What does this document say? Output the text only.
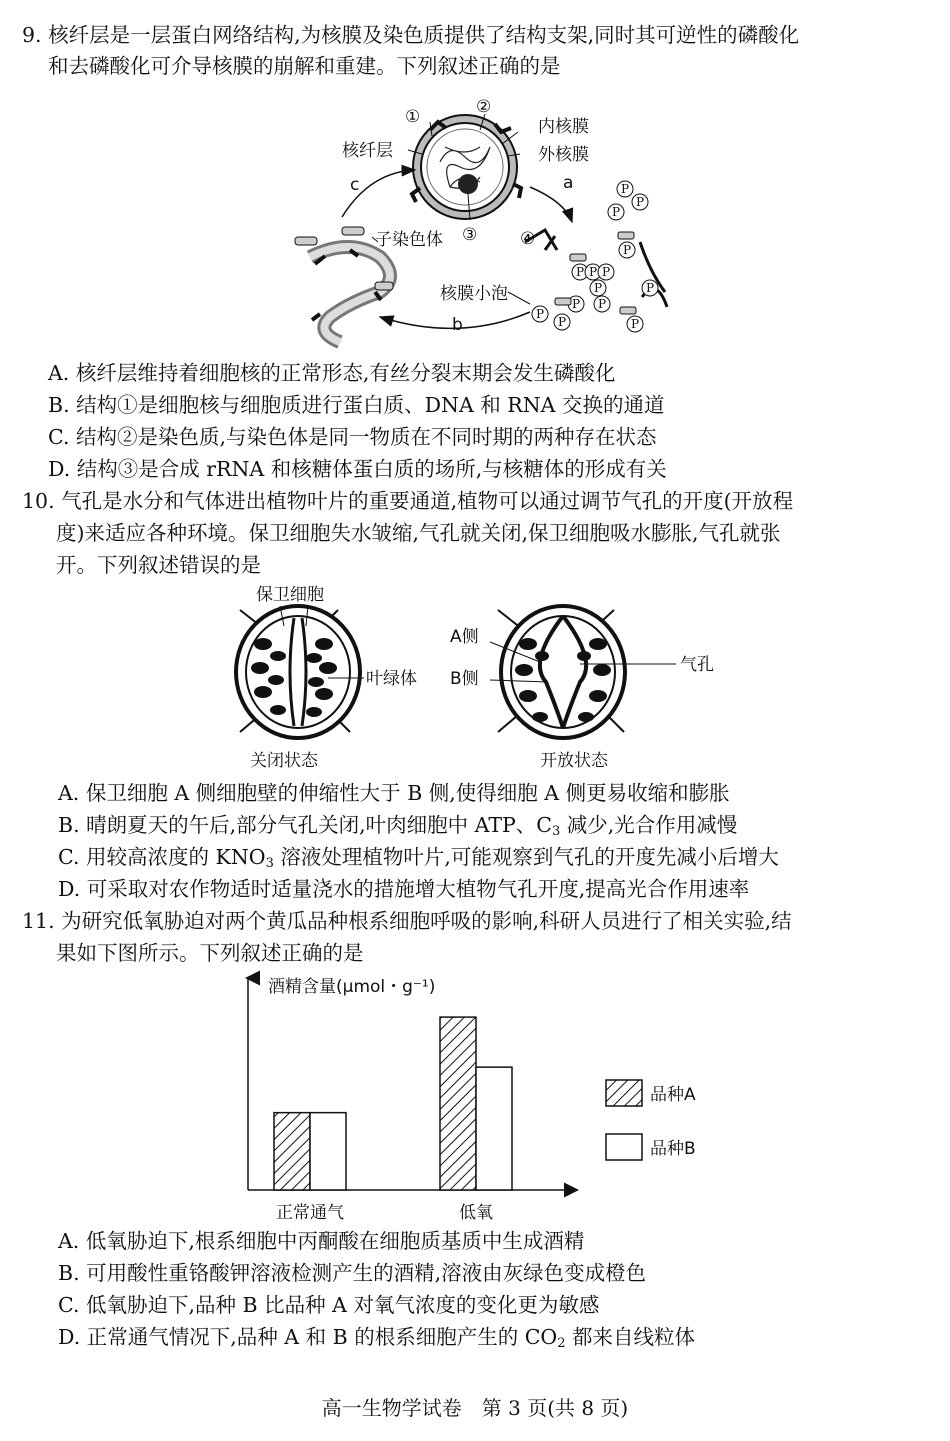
9. 核纤层是一层蛋白网络结构,为核膜及染色质提供了结构支架,同时其可逆性的磷酸化
和去磷酸化可介导核膜的崩解和重建。下列叙述正确的是
①	②
③
核纤层
内核膜
外核膜
a
b
c
子染色体
P
P
P
P
P P P
P
P
P
P
P
P
P
④
核膜小泡
A. 核纤层维持着细胞核的正常形态,有丝分裂末期会发生磷酸化
B. 结构①是细胞核与细胞质进行蛋白质、DNA 和 RNA 交换的通道
C. 结构②是染色质,与染色体是同一物质在不同时期的两种存在状态
D. 结构③是合成 rRNA 和核糖体蛋白质的场所,与核糖体的形成有关
10. 气孔是水分和气体进出植物叶片的重要通道,植物可以通过调节气孔的开度(开放程
度)来适应各种环境。保卫细胞失水皱缩,气孔就关闭,保卫细胞吸水膨胀,气孔就张
开。下列叙述错误的是
保卫细胞
叶绿体
关闭状态
A侧
B侧
气孔
开放状态
A. 保卫细胞 A 侧细胞壁的伸缩性大于 B 侧,使得细胞 A 侧更易收缩和膨胀
B. 晴朗夏天的午后,部分气孔关闭,叶肉细胞中 ATP、$C_3$ 减少,光合作用减慢
C. 用较高浓度的 $KNO_3$ 溶液处理植物叶片,可能观察到气孔的开度先减小后增大
D. 可采取对农作物适时适量浇水的措施增大植物气孔开度,提高光合作用速率
11. 为研究低氧胁迫对两个黄瓜品种根系细胞呼吸的影响,科研人员进行了相关实验,结
果如下图所示。下列叙述正确的是
酒精含量(μmol・g⁻¹)
正常通气	低氧
品种A
品种B
A. 低氧胁迫下,根系细胞中丙酮酸在细胞质基质中生成酒精
B. 可用酸性重铬酸钾溶液检测产生的酒精,溶液由灰绿色变成橙色
C. 低氧胁迫下,品种 B 比品种 A 对氧气浓度的变化更为敏感
D. 正常通气情况下,品种 A 和 B 的根系细胞产生的 $CO_2$ 都来自线粒体
高一生物学试卷　第 3 页(共 8 页)
